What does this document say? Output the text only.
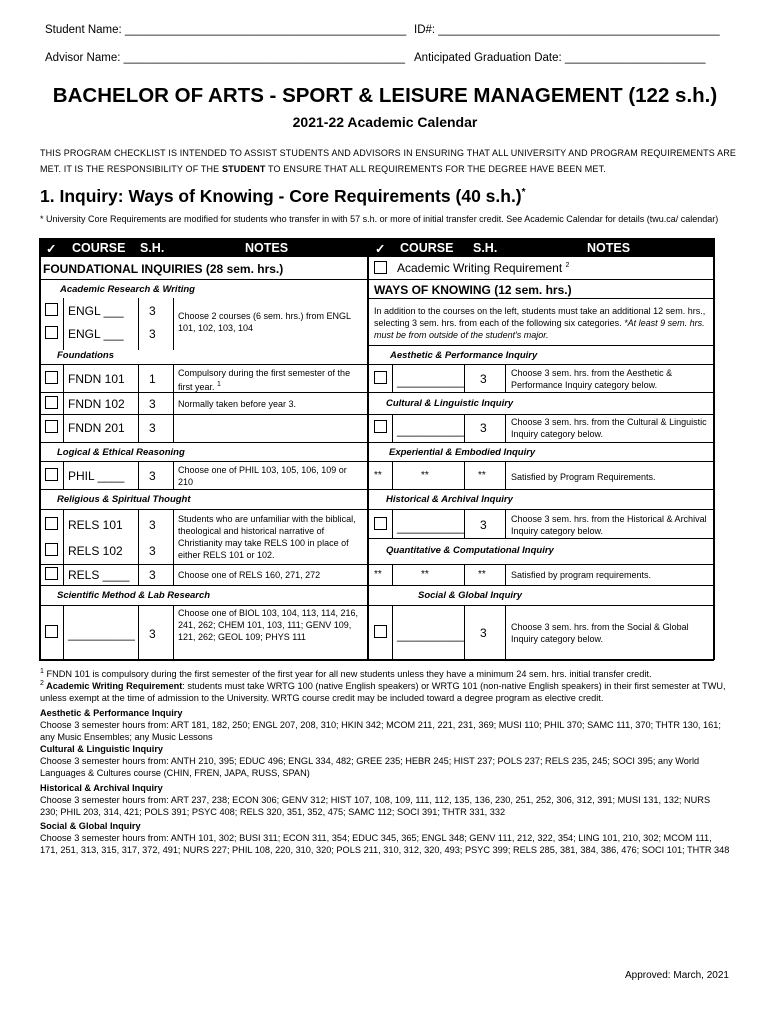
Student Name: ____________________________________________ ID#: ____________________________________________
Advisor Name: ____________________________________________ Anticipated Graduation Date: ______________________
BACHELOR OF ARTS - SPORT & LEISURE MANAGEMENT (122 s.h.)
2021-22 Academic Calendar
THIS PROGRAM CHECKLIST IS INTENDED TO ASSIST STUDENTS AND ADVISORS IN ENSURING THAT ALL UNIVERSITY AND PROGRAM REQUIREMENTS ARE
MET. IT IS THE RESPONSIBILITY OF THE STUDENT TO ENSURE THAT ALL REQUIREMENTS FOR THE DEGREE HAVE BEEN MET.
1. Inquiry: Ways of Knowing - Core Requirements (40 s.h.)*
* University Core Requirements are modified for students who transfer in with 57 s.h. or more of initial transfer credit. See Academic Calendar for details (twu.ca/ calendar)
✓ COURSE S.H.	NOTES	✓ COURSE S.H.	NOTES
FOUNDATIONAL INQUIRIES (28 sem. hrs.)
Academic Research & Writing
ENGL ___ 3
ENGL ___ 3
Choose 2 courses (6 sem. hrs.) from ENGL 101, 102, 103, 104
Foundations
FNDN 101 1 Compulsory during the first semester of the first year. $^1$
FNDN 102 3 Normally taken before year 3.
FNDN 201 3
Logical & Ethical Reasoning
PHIL ____ 3 Choose one of PHIL 103, 105, 106, 109 or 210
Religious & Spiritual Thought
RELS 101 3
RELS 102 3
Students who are unfamiliar with the biblical, theological and historical narrative of Christianity may take RELS 100 in place of either RELS 101 or 102.
RELS ____ 3 Choose one of RELS 160, 271, 272
Scientific Method & Lab Research
__________ 3
Choose one of BIOL 103, 104, 113, 114, 216, 241, 262; CHEM 101, 103, 111; GENV 109, 121, 262; GEOL 109; PHYS 111
Academic Writing Requirement $^2$
WAYS OF KNOWING (12 sem. hrs.)
In addition to the courses on the left, students must take an additional 12 sem. hrs., selecting 3 sem. hrs. from each of the following six categories. *At least 9 sem. hrs. must be from outside of the student's major.
Aesthetic & Performance Inquiry
__________ 3	Choose 3 sem. hrs. from the Aesthetic & Performance Inquiry category below.
Cultural & Linguistic Inquiry
__________ 3	Choose 3 sem. hrs. from the Cultural & Linguistic Inquiry category below.
Experiential & Embodied Inquiry
**	**	**	Satisfied by Program Requirements.
Historical & Archival Inquiry
__________ 3	Choose 3 sem. hrs. from the Historical & Archival Inquiry category below.
Quantitative & Computational Inquiry
**	**	**	Satisfied by program requirements.
Social & Global Inquiry
__________ 3	Choose 3 sem. hrs. from the Social & Global Inquiry category below.
$^1$ FNDN 101 is compulsory during the first semester of the first year for all new students unless they have a minimum 24 sem. hrs. initial transfer credit.
$^2$ Academic Writing Requirement: students must take WRTG 100 (native English speakers) or WRTG 101 (non-native English speakers) in their first semester at TWU, unless exempt at the time of admission to the University. WRTG course credit may be included toward a degree program as elective credit.
Aesthetic & Performance Inquiry
Choose 3 semester hours from: ART 181, 182, 250; ENGL 207, 208, 310; HKIN 342; MCOM 211, 221, 231, 369; MUSI 110; PHIL 370; SAMC 111, 370; THTR 130, 161; any Music Ensembles; any Music Lessons
Cultural & Linguistic Inquiry
Choose 3 semester hours from: ANTH 210, 395; EDUC 496; ENGL 334, 482; GREE 235; HEBR 245; HIST 237; POLS 237; RELS 235, 245; SOCI 395; any World Languages & Cultures course (CHIN, FREN, JAPA, RUSS, SPAN)
Historical & Archival Inquiry
Choose 3 semester hours from: ART 237, 238; ECON 306; GENV 312; HIST 107, 108, 109, 111, 112, 135, 136, 230, 251, 252, 306, 312, 391; MUSI 131, 132; NURS 230; PHIL 203, 314, 421; POLS 391; PSYC 408; RELS 320, 351, 352, 475; SAMC 112; SOCI 391; THTR 331, 332
Social & Global Inquiry
Choose 3 semester hours from: ANTH 101, 302; BUSI 311; ECON 311, 354; EDUC 345, 365; ENGL 348; GENV 111, 212, 322, 354; LING 101, 210, 302; MCOM 111, 171, 251, 313, 315, 317, 372, 491; NURS 227; PHIL 108, 220, 310, 320; POLS 211, 310, 312, 320, 493; PSYC 399; RELS 285, 381, 384, 386, 476; SOCI 101; THTR 348
Approved: March, 2021
